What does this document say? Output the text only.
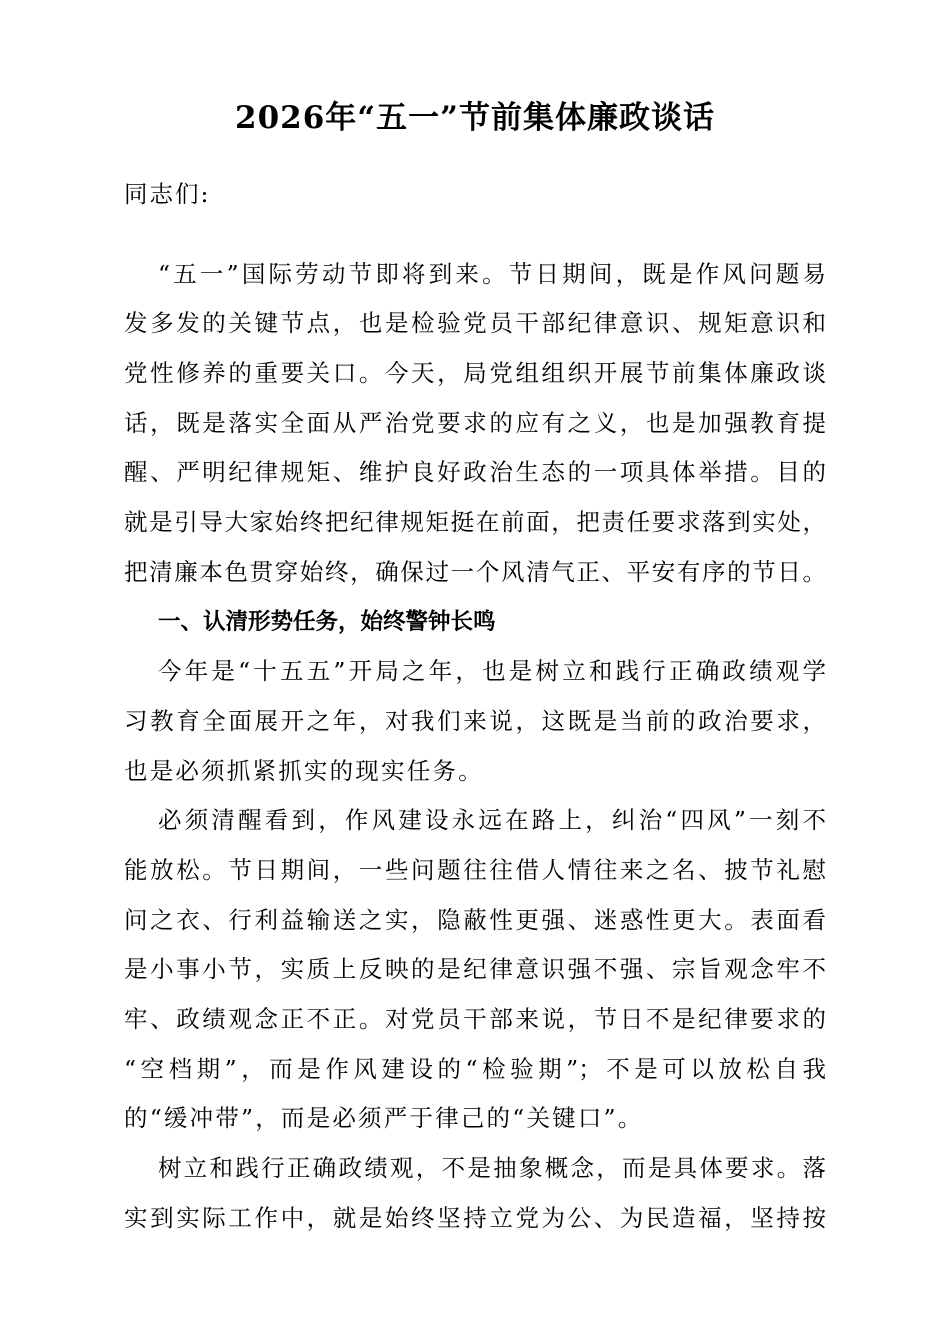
2026年“五一”节前集体廉政谈话
同志们:
“五一”国际劳动节即将到来。节日期间，既是作风问题易
发多发的关键节点，也是检验党员干部纪律意识、规矩意识和
党性修养的重要关口。今天，局党组组织开展节前集体廉政谈
话，既是落实全面从严治党要求的应有之义，也是加强教育提
醒、严明纪律规矩、维护良好政治生态的一项具体举措。目的
就是引导大家始终把纪律规矩挺在前面，把责任要求落到实处，
把清廉本色贯穿始终，确保过一个风清气正、平安有序的节日。
一、认清形势任务，始终警钟长鸣
今年是“十五五”开局之年，也是树立和践行正确政绩观学
习教育全面展开之年，对我们来说，这既是当前的政治要求，
也是必须抓紧抓实的现实任务。
必须清醒看到，作风建设永远在路上，纠治“四风”一刻不
能放松。节日期间，一些问题往往借人情往来之名、披节礼慰
问之衣、行利益输送之实，隐蔽性更强、迷惑性更大。表面看
是小事小节，实质上反映的是纪律意识强不强、宗旨观念牢不
牢、政绩观念正不正。对党员干部来说，节日不是纪律要求的
“空档期”，而是作风建设的“检验期”；不是可以放松自我
的“缓冲带”，而是必须严于律己的“关键口”。
树立和践行正确政绩观，不是抽象概念，而是具体要求。落
实到实际工作中，就是始终坚持立党为公、为民造福，坚持按
